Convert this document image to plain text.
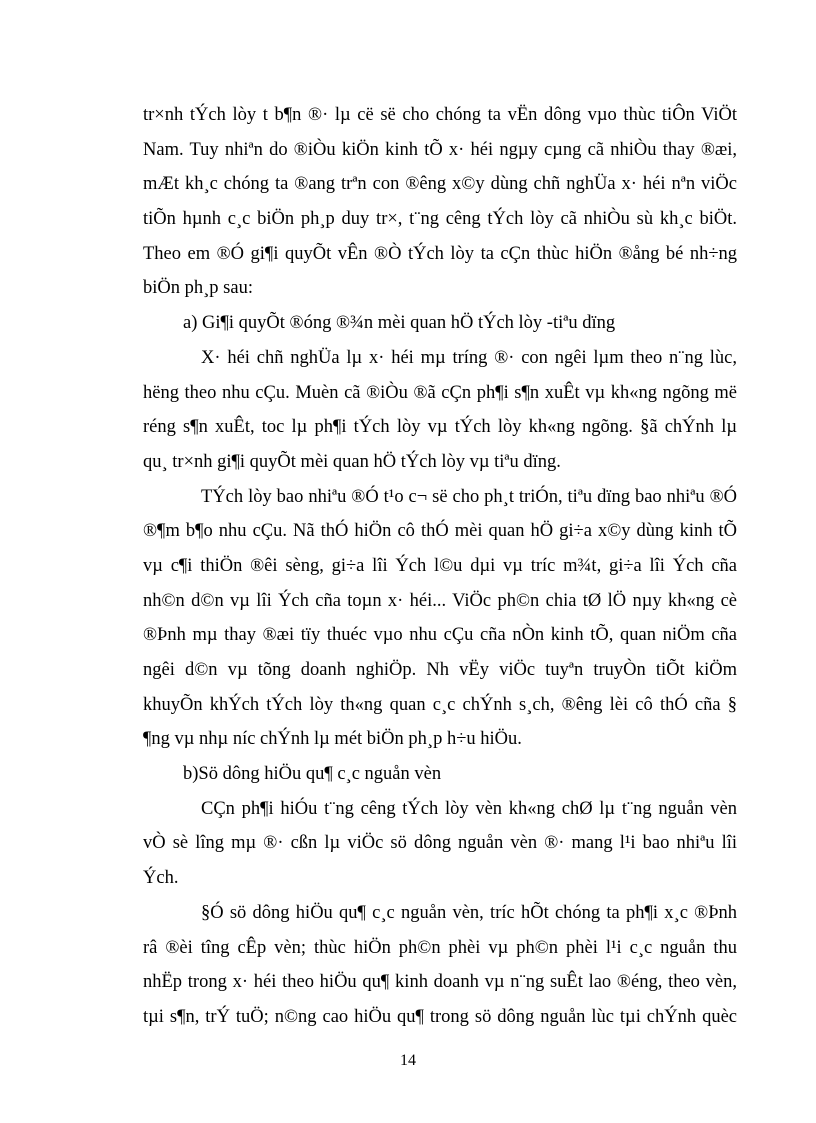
tr×nh tÝch lòy t b¶n ®· lµ cë së cho chóng ta vËn dông vµo thùc tiÔn ViÖt
Nam. Tuy nhiªn do ®iÒu kiÖn kinh tÕ x· héi ngµy cµng cã nhiÒu thay ®æi,
mÆt kh¸c chóng ta ®ang trªn con ®êng x©y dùng chñ nghÜa x· héi nªn viÖc
tiÕn hµnh c¸c biÖn ph¸p duy tr×, t¨ng cêng tÝch lòy cã nhiÒu sù kh¸c biÖt.
Theo em ®Ó gi¶i quyÕt vÊn ®Ò tÝch lòy ta cÇn thùc hiÖn ®ång bé nh÷ng
biÖn ph¸p sau:
a) Gi¶i quyÕt ®óng ®¾n mèi quan hÖ tÝch lòy -tiªu dïng
X· héi chñ nghÜa lµ x· héi mµ tríng ®· con ngêi lµm theo n¨ng lùc,
hëng theo nhu cÇu. Muèn cã ®iÒu ®ã cÇn ph¶i s¶n xuÊt vµ kh«ng ngõng më
réng s¶n xuÊt, toc lµ ph¶i tÝch lòy vµ tÝch lòy kh«ng ngõng. §ã chÝnh lµ
qu¸ tr×nh gi¶i quyÕt mèi quan hÖ tÝch lòy vµ tiªu dïng.
TÝch lòy bao nhiªu ®Ó t¹o c¬ së cho ph¸t triÓn, tiªu dïng bao nhiªu ®Ó
®¶m b¶o nhu cÇu. Nã thÓ hiÖn cô thÓ mèi quan hÖ gi÷a x©y dùng kinh tÕ
vµ c¶i thiÖn ®êi sèng, gi÷a lîi Ých l©u dµi vµ tríc m¾t, gi÷a lîi Ých cña
nh©n d©n vµ lîi Ých cña toµn x· héi... ViÖc ph©n chia tØ lÖ nµy kh«ng cè
®Þnh mµ thay ®æi tïy thuéc vµo nhu cÇu cña nÒn kinh tÕ, quan niÖm cña
ngêi d©n vµ tõng doanh nghiÖp. Nh vËy viÖc tuyªn truyÒn tiÕt kiÖm
khuyÕn khÝch tÝch lòy th«ng quan c¸c chÝnh s¸ch, ®êng lèi cô thÓ cña §
¶ng vµ nhµ níc chÝnh lµ mét biÖn ph¸p h÷u hiÖu.
b)Sö dông hiÖu qu¶ c¸c nguån vèn
CÇn ph¶i hiÓu t¨ng cêng tÝch lòy vèn kh«ng chØ lµ t¨ng nguån vèn
vÒ sè lîng mµ ®· cßn lµ viÖc sö dông nguån vèn ®· mang l¹i bao nhiªu lîi
Ých.
§Ó sö dông hiÖu qu¶ c¸c nguån vèn, tríc hÕt chóng ta ph¶i x¸c ®Þnh
râ ®èi tîng cÊp vèn; thùc hiÖn ph©n phèi vµ ph©n phèi l¹i c¸c nguån thu
nhËp trong x· héi theo hiÖu qu¶ kinh doanh vµ n¨ng suÊt lao ®éng, theo vèn,
tµi s¶n, trÝ tuÖ; n©ng cao hiÖu qu¶ trong sö dông nguån lùc tµi chÝnh quèc
14
